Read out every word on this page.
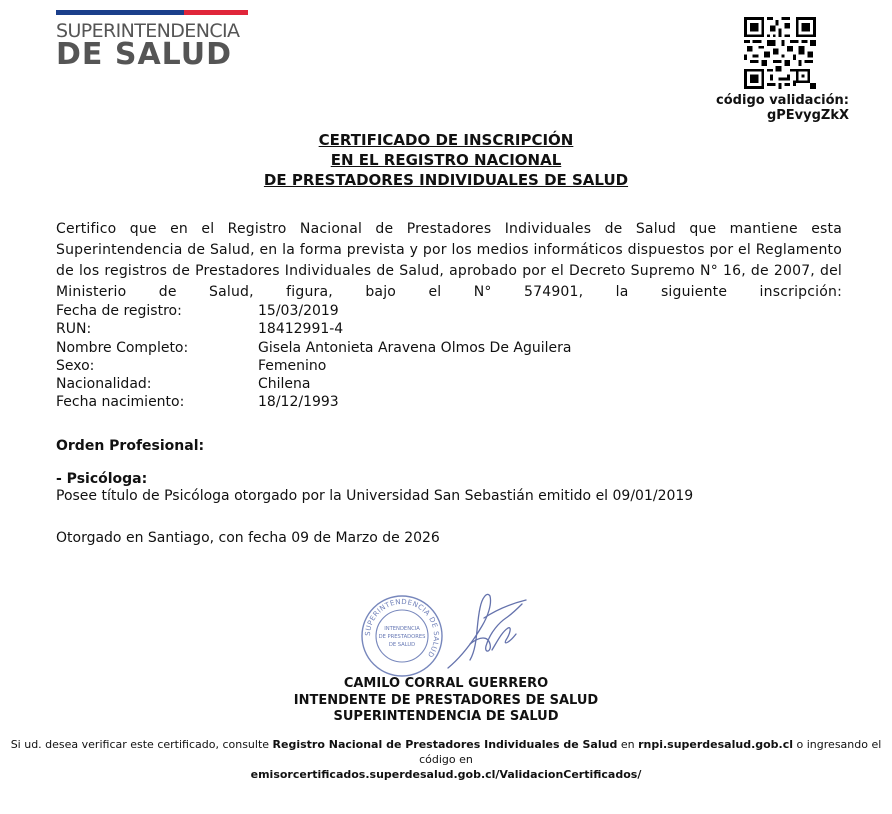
SUPERINTENDENCIA
DE SALUD
código validación:
gPEvygZkX
CERTIFICADO DE INSCRIPCIÓN
EN EL REGISTRO NACIONAL
DE PRESTADORES INDIVIDUALES DE SALUD
Certifico que en el Registro Nacional de Prestadores Individuales de Salud que mantiene esta Superintendencia de Salud, en la forma prevista y por los medios informáticos dispuestos por el Reglamento de los registros de Prestadores Individuales de Salud, aprobado por el Decreto Supremo N° 16, de 2007, del Ministerio de Salud, figura, bajo el N° 574901, la siguiente inscripción:
Fecha de registro:	15/03/2019
RUN:	18412991-4
Nombre Completo:	Gisela Antonieta Aravena Olmos De Aguilera
Sexo:	Femenino
Nacionalidad:	Chilena
Fecha nacimiento:	18/12/1993
Orden Profesional:
- Psicóloga:
Posee título de Psicóloga otorgado por la Universidad San Sebastián emitido el 09/01/2019
Otorgado en Santiago, con fecha 09 de Marzo de 2026
SUPERINTENDENCIA DE SALUD
INTENDENCIA
DE PRESTADORES
DE SALUD
CAMILO CORRAL GUERRERO
INTENDENTE DE PRESTADORES DE SALUD
SUPERINTENDENCIA DE SALUD
Si ud. desea verificar este certificado, consulte Registro Nacional de Prestadores Individuales de Salud en rnpi.superdesalud.gob.cl o ingresando el código en
emisorcertificados.superdesalud.gob.cl/ValidacionCertificados/
